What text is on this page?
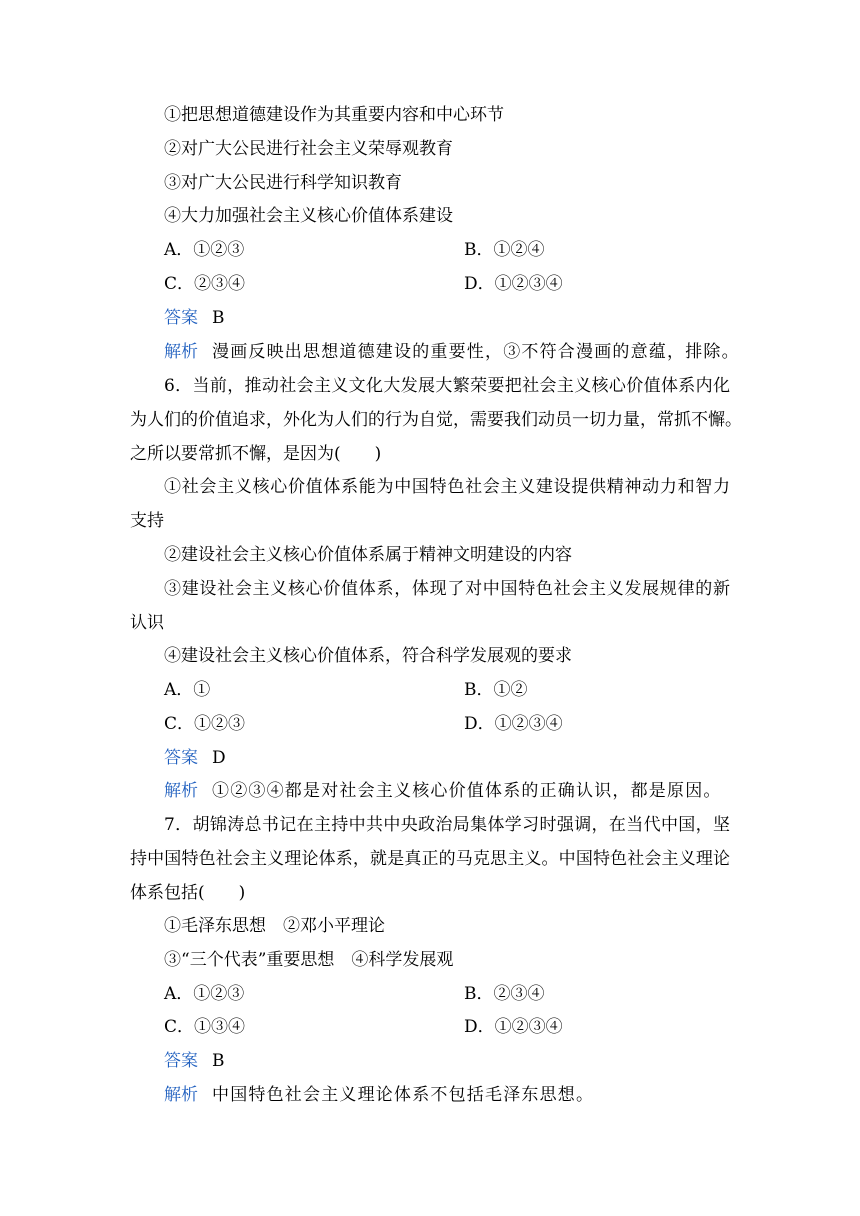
①把思想道德建设作为其重要内容和中心环节
②对广大公民进行社会主义荣辱观教育
③对广大公民进行科学知识教育
④大力加强社会主义核心价值体系建设
A．①②③	B．①②④
C．②③④	D．①②③④
答案 B
解析 漫画反映出思想道德建设的重要性，③不符合漫画的意蕴，排除。
6．当前，推动社会主义文化大发展大繁荣要把社会主义核心价值体系内化
为人们的价值追求，外化为人们的行为自觉，需要我们动员一切力量，常抓不懈。
之所以要常抓不懈，是因为(　　)
①社会主义核心价值体系能为中国特色社会主义建设提供精神动力和智力
支持
②建设社会主义核心价值体系属于精神文明建设的内容
③建设社会主义核心价值体系，体现了对中国特色社会主义发展规律的新
认识
④建设社会主义核心价值体系，符合科学发展观的要求
A．①	B．①②
C．①②③	D．①②③④
答案 D
解析 ①②③④都是对社会主义核心价值体系的正确认识，都是原因。
7．胡锦涛总书记在主持中共中央政治局集体学习时强调，在当代中国，坚
持中国特色社会主义理论体系，就是真正的马克思主义。中国特色社会主义理论
体系包括(　　)
①毛泽东思想　②邓小平理论
③“三个代表”重要思想　④科学发展观
A．①②③	B．②③④
C．①③④	D．①②③④
答案 B
解析 中国特色社会主义理论体系不包括毛泽东思想。
